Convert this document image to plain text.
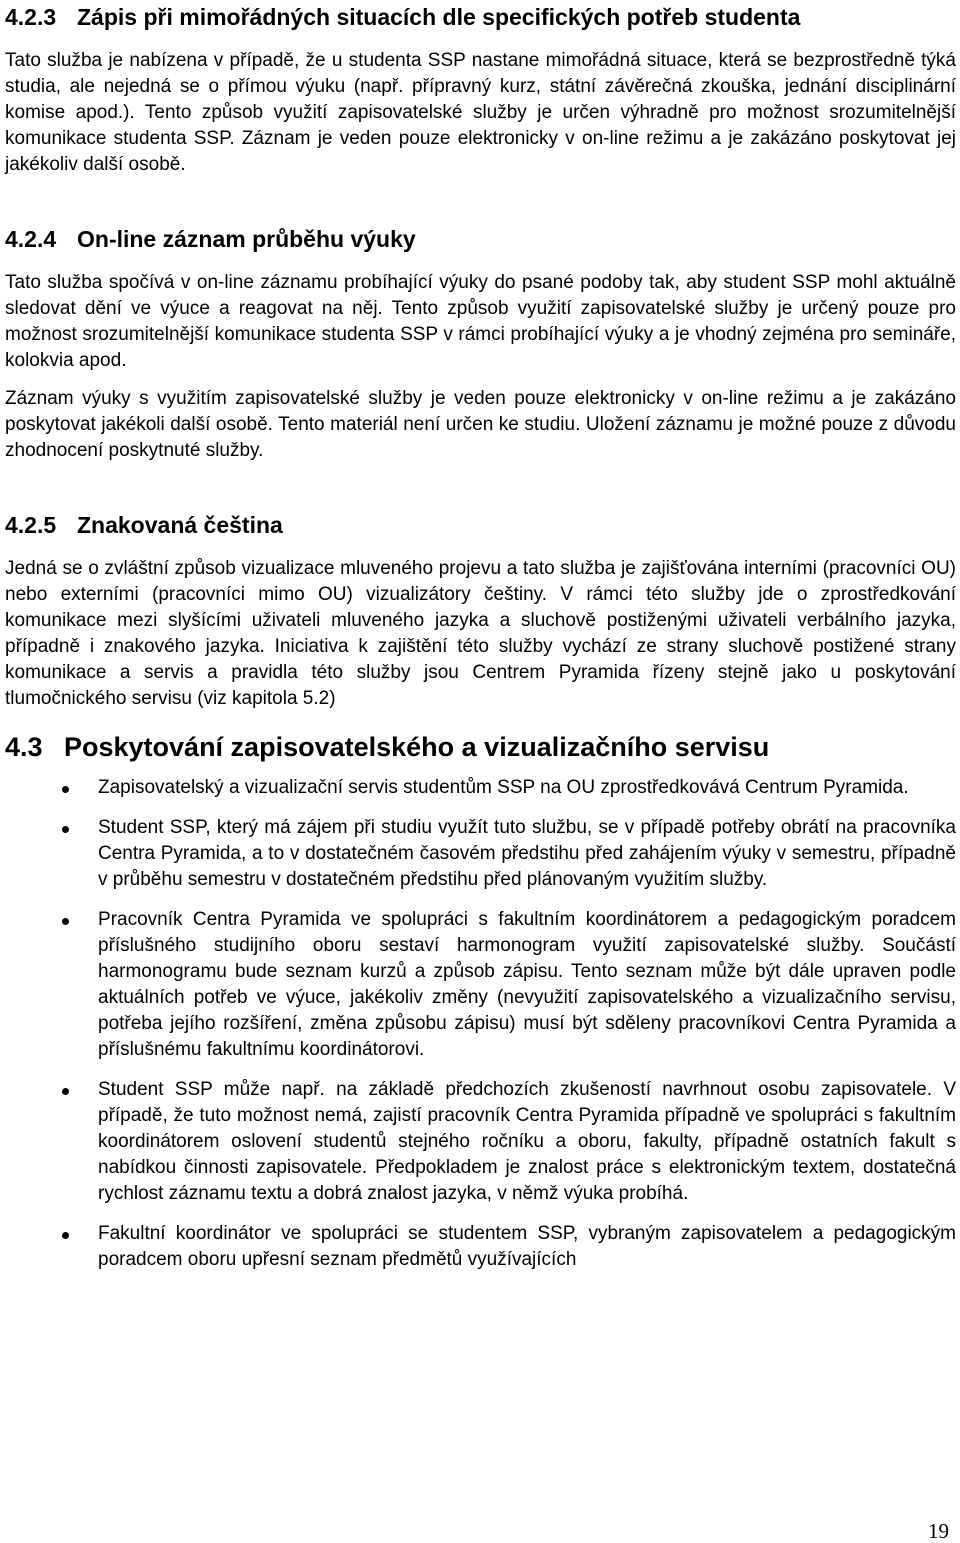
4.2.3 Zápis při mimořádných situacích dle specifických potřeb studenta

Tato služba je nabízena v případě, že u studenta SSP nastane mimořádná situace, která se bezprostředně týká studia, ale nejedná se o přímou výuku (např. přípravný kurz, státní závěrečná zkouška, jednání disciplinární komise apod.). Tento způsob využití zapisovatelské služby je určen výhradně pro možnost srozumitelnější komunikace studenta SSP. Záznam je veden pouze elektronicky v on-line režimu a je zakázáno poskytovat jej jakékoliv další osobě.

4.2.4 On-line záznam průběhu výuky

Tato služba spočívá v on-line záznamu probíhající výuky do psané podoby tak, aby student SSP mohl aktuálně sledovat dění ve výuce a reagovat na něj. Tento způsob využití zapisovatelské služby je určený pouze pro možnost srozumitelnější komunikace studenta SSP v rámci probíhající výuky a je vhodný zejména pro semináře, kolokvia apod.

Záznam výuky s využitím zapisovatelské služby je veden pouze elektronicky v on-line režimu a je zakázáno poskytovat jakékoli další osobě. Tento materiál není určen ke studiu. Uložení záznamu je možné pouze z důvodu zhodnocení poskytnuté služby.

4.2.5 Znakovaná čeština

Jedná se o zvláštní způsob vizualizace mluveného projevu a tato služba je zajišťována interními (pracovníci OU) nebo externími (pracovníci mimo OU) vizualizátory češtiny. V rámci této služby jde o zprostředkování komunikace mezi slyšícími uživateli mluveného jazyka a sluchově postiženými uživateli verbálního jazyka, případně i znakového jazyka. Iniciativa k zajištění této služby vychází ze strany sluchově postižené strany komunikace a servis a pravidla této služby jsou Centrem Pyramida řízeny stejně jako u poskytování tlumočnického servisu (viz kapitola 5.2)

4.3 Poskytování zapisovatelského a vizualizačního servisu
Zapisovatelský a vizualizační servis studentům SSP na OU zprostředkovává Centrum Pyramida.
Student SSP, který má zájem při studiu využít tuto službu, se v případě potřeby obrátí na pracovníka Centra Pyramida, a to v dostatečném časovém předstihu před zahájením výuky v semestru, případně v průběhu semestru v dostatečném předstihu před plánovaným využitím služby.
Pracovník Centra Pyramida ve spolupráci s fakultním koordinátorem a pedagogickým poradcem příslušného studijního oboru sestaví harmonogram využití zapisovatelské služby. Součástí harmonogramu bude seznam kurzů a způsob zápisu. Tento seznam může být dále upraven podle aktuálních potřeb ve výuce, jakékoliv změny (nevyužití zapisovatelského a vizualizačního servisu, potřeba jejího rozšíření, změna způsobu zápisu) musí být sděleny pracovníkovi Centra Pyramida a příslušnému fakultnímu koordinátorovi.
Student SSP může např. na základě předchozích zkušeností navrhnout osobu zapisovatele. V případě, že tuto možnost nemá, zajistí pracovník Centra Pyramida případně ve spolupráci s fakultním koordinátorem oslovení studentů stejného ročníku a oboru, fakulty, případně ostatních fakult s nabídkou činnosti zapisovatele. Předpokladem je znalost práce s elektronickým textem, dostatečná rychlost záznamu textu a dobrá znalost jazyka, v němž výuka probíhá.
Fakultní koordinátor ve spolupráci se studentem SSP, vybraným zapisovatelem a pedagogickým poradcem oboru upřesní seznam předmětů využívajících
19
